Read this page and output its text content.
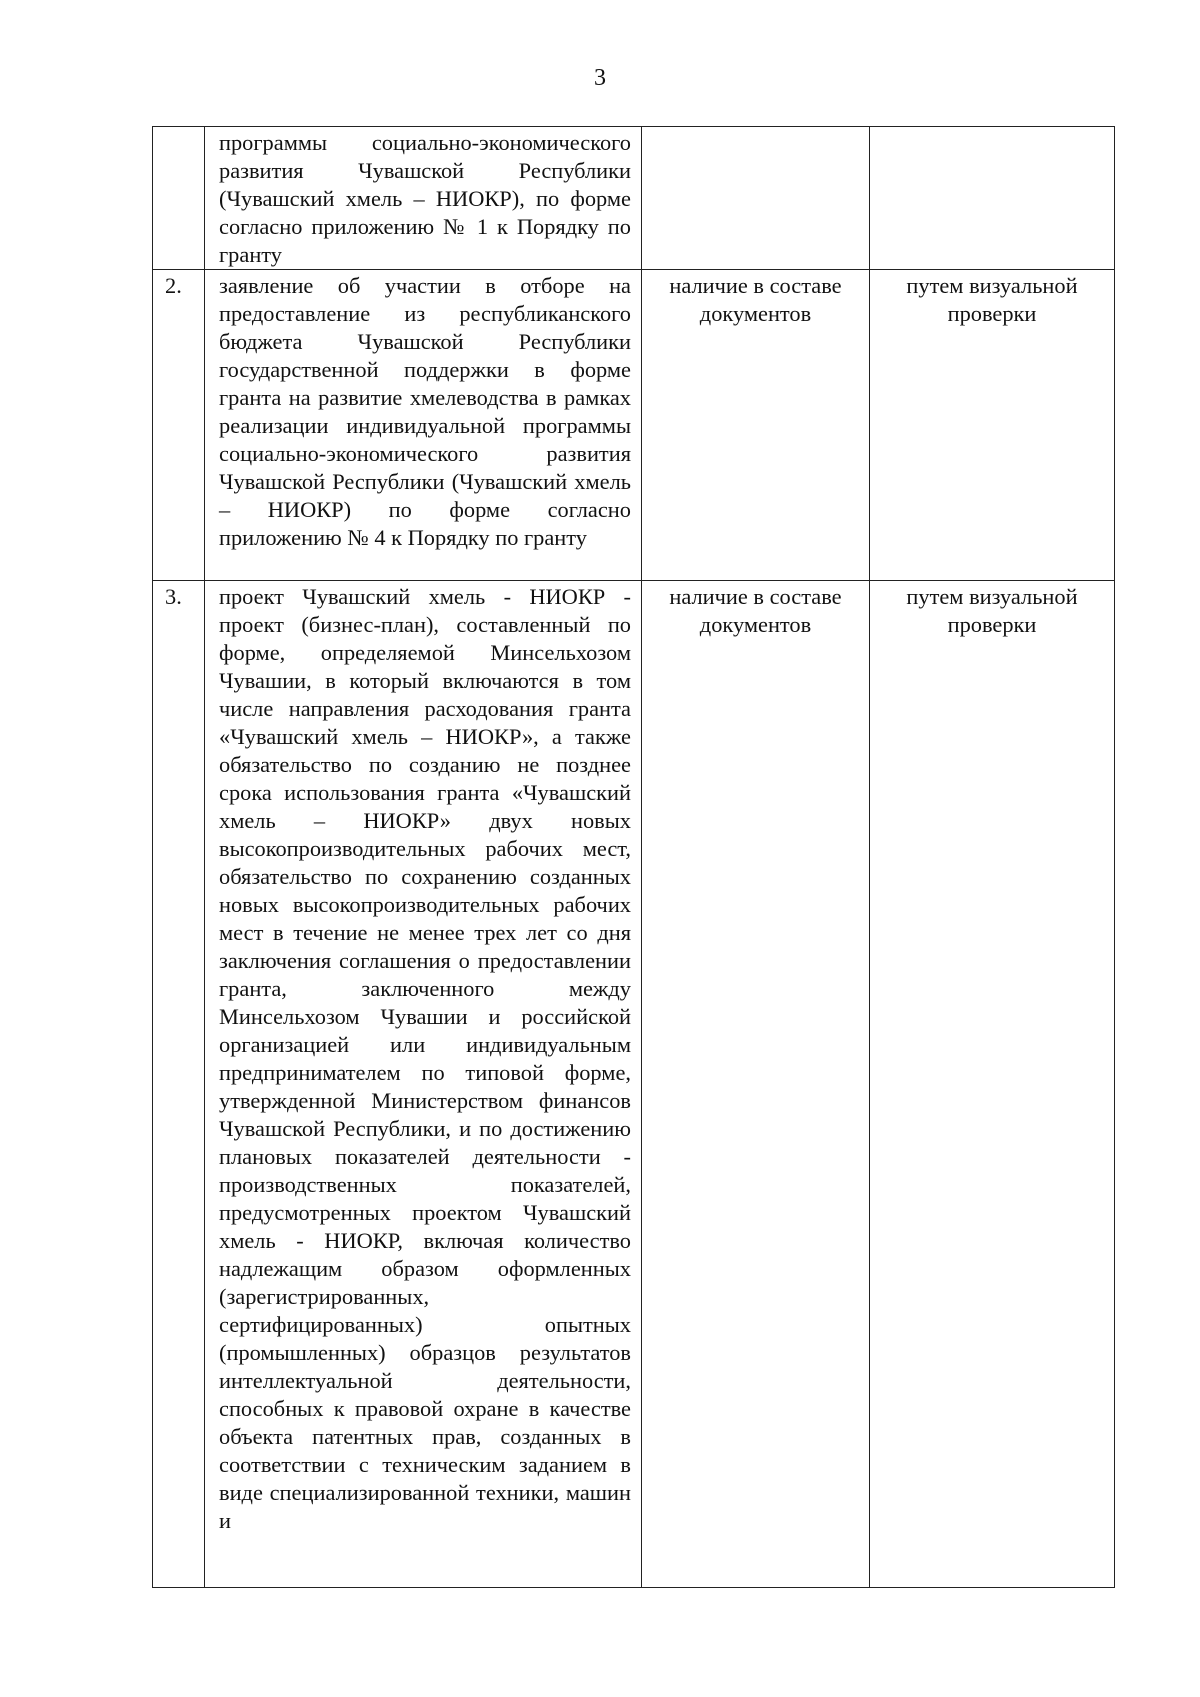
3
	программы социально-экономического развития Чувашской Республики (Чувашский хмель – НИОКР), по форме согласно приложению № 1 к Порядку по гранту		
2.	заявление об участии в отборе на предоставление из республиканского бюджета Чувашской Республики государственной поддержки в форме гранта на развитие хмелеводства в рамках реализации индивидуальной программы социально-экономического развития Чувашской Республики (Чувашский хмель – НИОКР) по форме согласно приложению № 4 к Порядку по гранту	наличие в составе документов	путем визуальной проверки
3.	проект Чувашский хмель - НИОКР - проект (бизнес-план), составленный по форме, определяемой Минсельхозом Чувашии, в который включаются в том числе направления расходования гранта «Чувашский хмель – НИОКР», а также обязательство по созданию не позднее срока использования гранта «Чувашский хмель – НИОКР» двух новых высокопроизводительных рабочих мест, обязательство по сохранению созданных новых высокопроизводительных рабочих мест в течение не менее трех лет со дня заключения соглашения о предоставлении гранта, заключенного между Минсельхозом Чувашии и российской организацией или индивидуальным предпринимателем по типовой форме, утвержденной Министерством финансов Чувашской Республики, и по достижению плановых показателей деятельности - производственных показателей, предусмотренных проектом Чувашский хмель - НИОКР, включая количество надлежащим образом оформленных (зарегистрированных, сертифицированных) опытных (промышленных) образцов результатов интеллектуальной деятельности, способных к правовой охране в качестве объекта патентных прав, созданных в соответствии с техническим заданием в виде специализированной техники, машин и	наличие в составе документов	путем визуальной проверки
